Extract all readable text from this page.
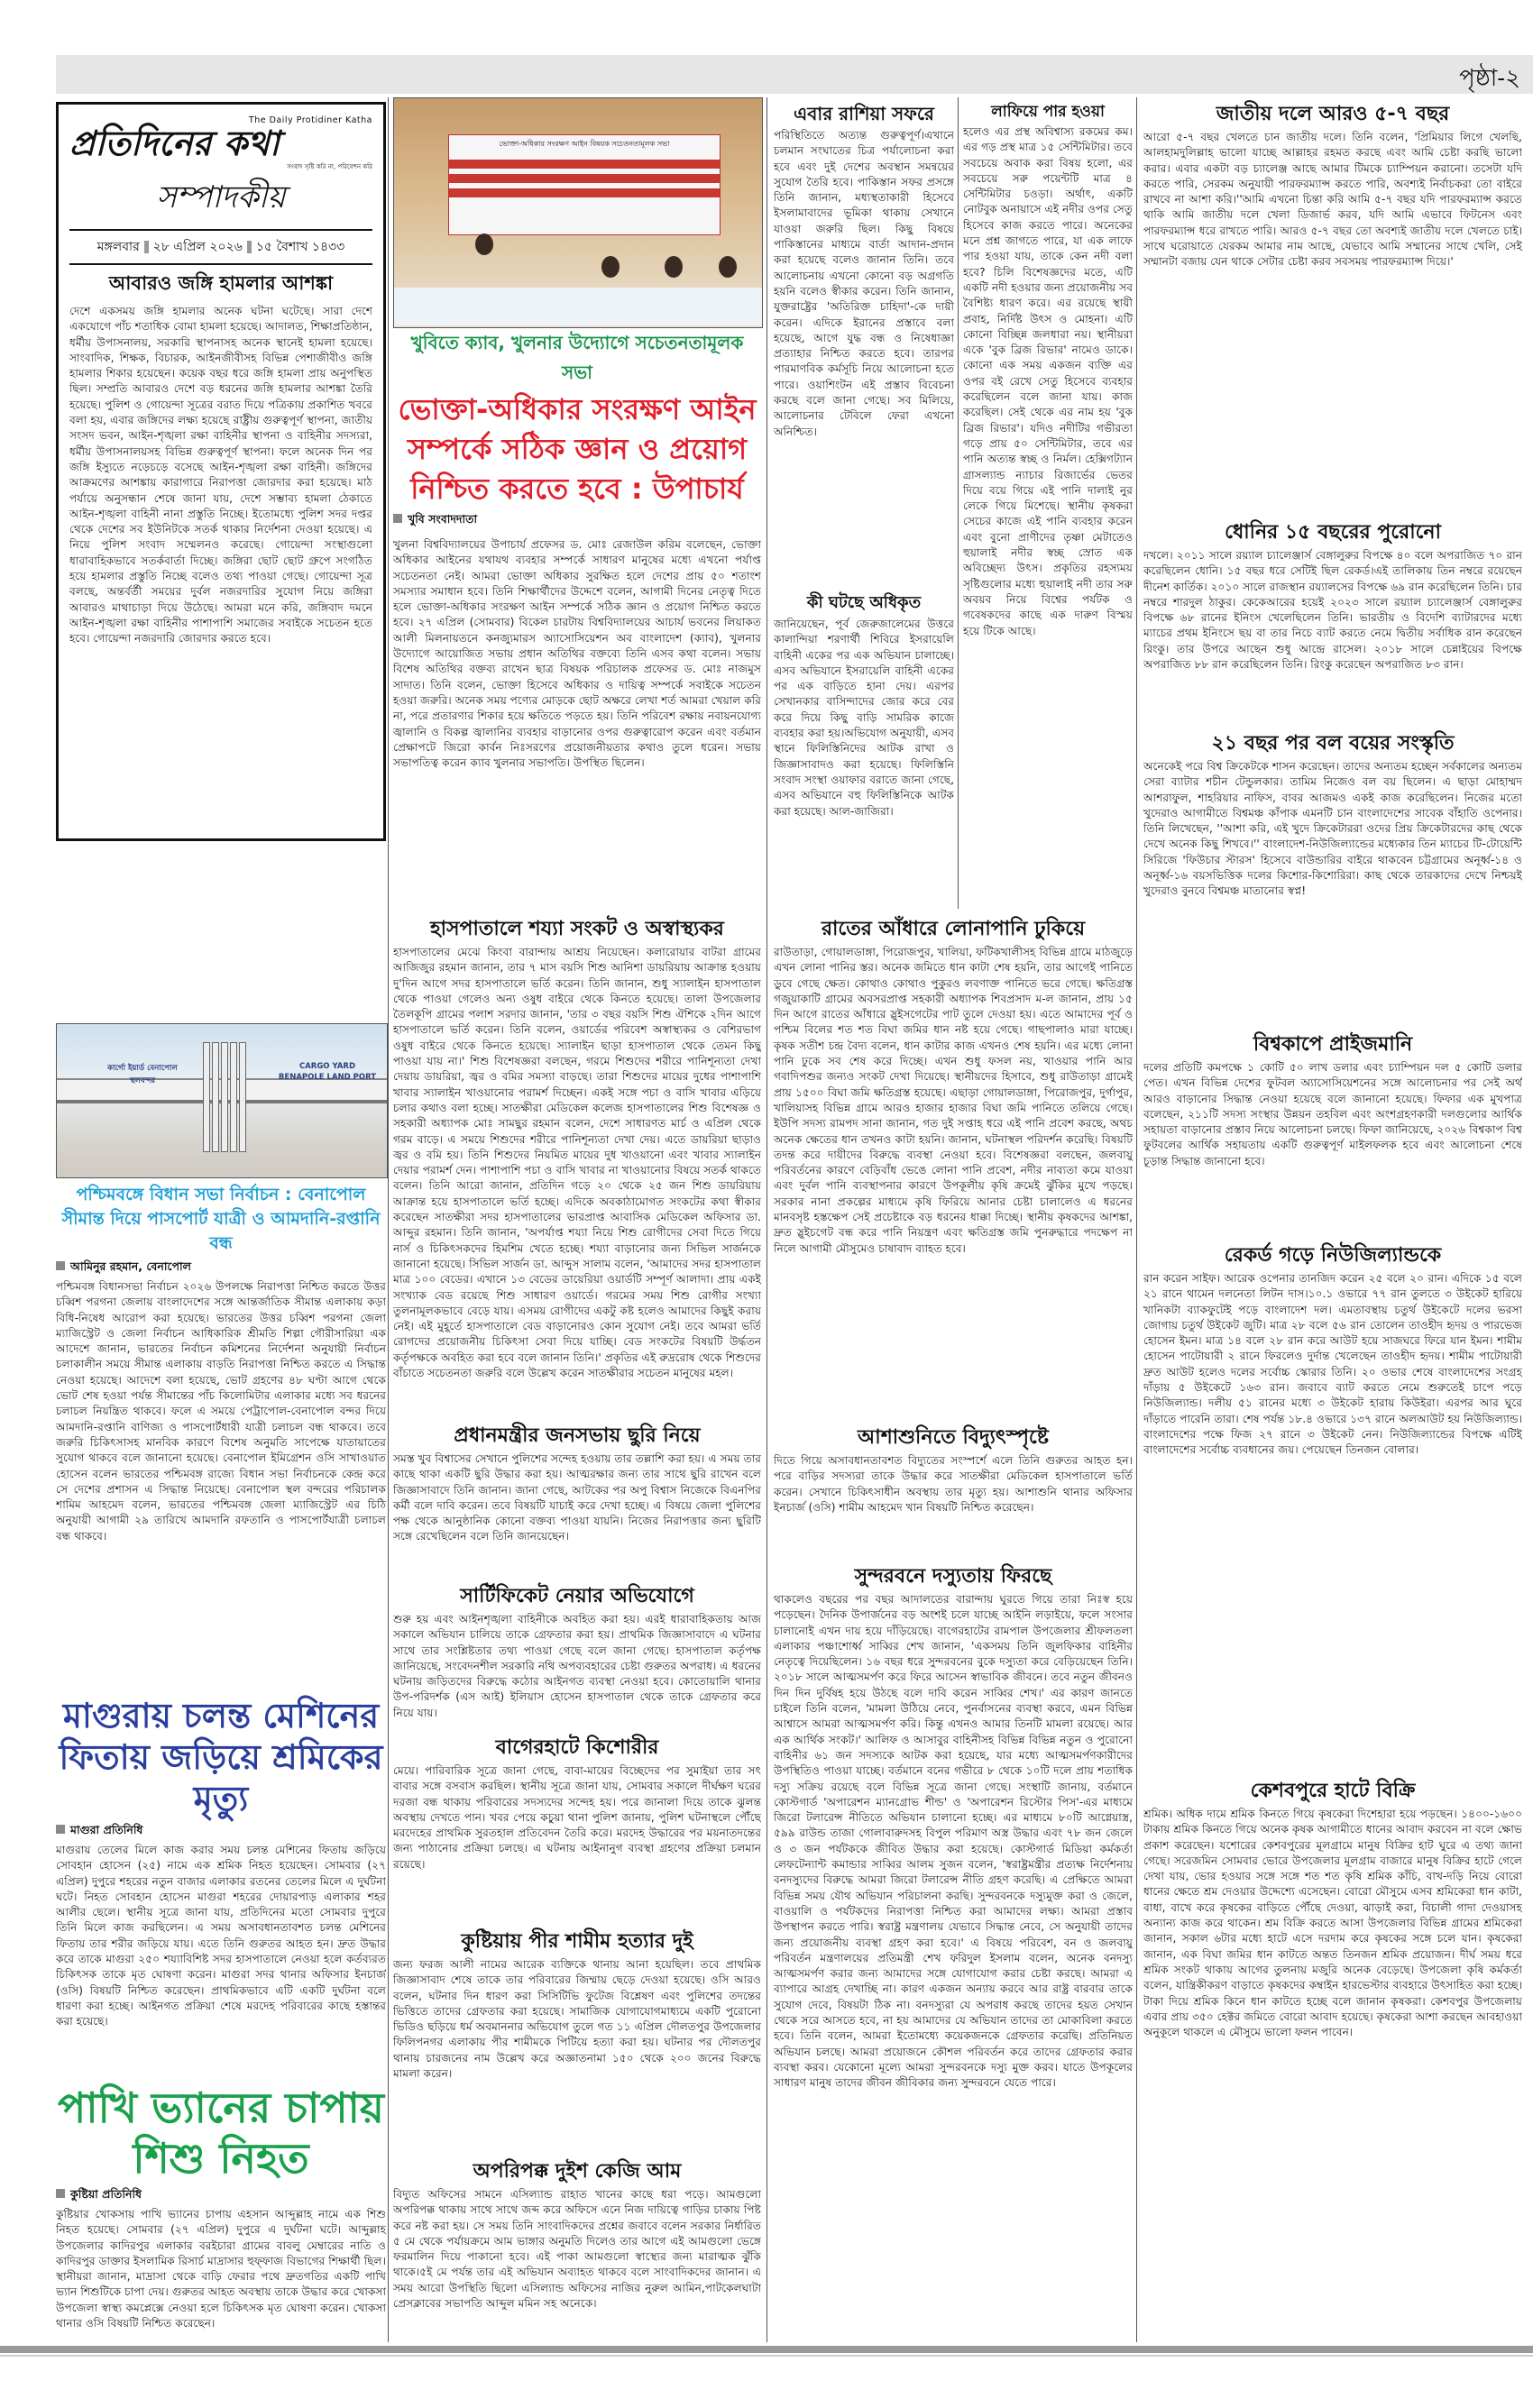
পৃষ্ঠা-২
The Daily Protidiner Katha
প্রতিদিনের কথা
সংবাদ সৃষ্টি করি না, পরিবেশন করি
সম্পাদকীয়
মঙ্গলবার ২৮ এপ্রিল ২০২৬ ১৫ বৈশাখ ১৪৩৩
আবারও জঙ্গি হামলার আশঙ্কা

দেশে একসময় জঙ্গি হামলার অনেক ঘটনা ঘটেছে। সারা দেশে একযোগে পাঁচ শতাধিক বোমা হামলা হয়েছে। আদালত, শিক্ষাপ্রতিষ্ঠান, ধর্মীয় উপাসনালয়, সরকারি স্থাপনাসহ অনেক স্থানেই হামলা হয়েছে। সাংবাদিক, শিক্ষক, বিচারক, আইনজীবীসহ বিভিন্ন পেশাজীবীও জঙ্গি হামলার শিকার হয়েছেন। কয়েক বছর ধরে জঙ্গি হামলা প্রায় অনুপস্থিত ছিল। সম্প্রতি আবারও দেশে বড় ধরনের জঙ্গি হামলার আশঙ্কা তৈরি হয়েছে। পুলিশ ও গোয়েন্দা সূত্রের বরাত দিয়ে পত্রিকায় প্রকাশিত খবরে বলা হয়, এবার জঙ্গিদের লক্ষ্য হয়েছে রাষ্ট্রীয় গুরুত্বপূর্ণ স্থাপনা, জাতীয় সংসদ ভবন, আইন-শৃঙ্খলা রক্ষা বাহিনীর স্থাপনা ও বাহিনীর সদস্যরা, ধর্মীয় উপাসনালয়সহ বিভিন্ন গুরুত্বপূর্ণ স্থাপনা। ফলে অনেক দিন পর জঙ্গি ইস্যুতে নড়েচড়ে বসেছে আইন-শৃঙ্খলা রক্ষা বাহিনী। জঙ্গিদের আক্রমণের আশঙ্কায় কারাগারে নিরাপত্তা জোরদার করা হয়েছে। মাঠ পর্যায়ে অনুসন্ধান শেষে জানা যায়, দেশে সম্ভাব্য হামলা ঠেকাতে আইন-শৃঙ্খলা বাহিনী নানা প্রস্তুতি নিচ্ছে। ইতোমধ্যে পুলিশ সদর দপ্তর থেকে দেশের সব ইউনিটকে সতর্ক থাকার নির্দেশনা দেওয়া হয়েছে। এ নিয়ে পুলিশ সংবাদ সম্মেলনও করেছে। গোয়েন্দা সংস্থাগুলো ধারাবাহিকভাবে সতর্কবার্তা দিচ্ছে। জঙ্গিরা ছোট ছোট গ্রুপে সংগঠিত হয়ে হামলার প্রস্তুতি নিচ্ছে বলেও তথ্য পাওয়া গেছে। গোয়েন্দা সূত্র বলছে, অন্তর্বর্তী সময়ের দুর্বল নজরদারির সুযোগ নিয়ে জঙ্গিরা আবারও মাথাচাড়া দিয়ে উঠেছে। আমরা মনে করি, জঙ্গিবাদ দমনে আইন-শৃঙ্খলা রক্ষা বাহিনীর পাশাপাশি সমাজের সবাইকে সচেতন হতে হবে। গোয়েন্দা নজরদারি জোরদার করতে হবে।

কার্গো ইয়ার্ড বেনাপোল স্থলবন্দর
CARGO YARD
BENAPOLE LAND PORT
পশ্চিমবঙ্গে বিধান সভা নির্বাচন : বেনাপোল সীমান্ত দিয়ে পাসপোর্ট যাত্রী ও আমদানি-রপ্তানি বন্ধ
আমিনুর রহমান, বেনাপোল

পশ্চিমবঙ্গ বিধানসভা নির্বাচন ২০২৬ উপলক্ষে নিরাপত্তা নিশ্চিত করতে উত্তর চব্বিশ পরগনা জেলায় বাংলাদেশের সঙ্গে আন্তর্জাতিক সীমান্ত এলাকায় কড়া বিধি-নিষেধ আরোপ করা হয়েছে। ভারতের উত্তর চব্বিশ পরগনা জেলা ম্যাজিস্ট্রেট ও জেলা নির্বাচন আধিকারিক শ্রীমতি শিল্পা গৌরীসারিয়া এক আদেশে জানান, ভারতের নির্বাচন কমিশনের নির্দেশনা অনুযায়ী নির্বাচন চলাকালীন সময়ে সীমান্ত এলাকায় বাড়তি নিরাপত্তা নিশ্চিত করতে এ সিদ্ধান্ত নেওয়া হয়েছে। আদেশে বলা হয়েছে, ভোট গ্রহণের ৪৮ ঘণ্টা আগে থেকে ভোট শেষ হওয়া পর্যন্ত সীমান্তের পাঁচ কিলোমিটার এলাকার মধ্যে সব ধরনের চলাচল নিয়ন্ত্রিত থাকবে। ফলে এ সময়ে পেট্রাপোল-বেনাপোল বন্দর দিয়ে আমদানি-রপ্তানি বাণিজ্য ও পাসপোর্টধারী যাত্রী চলাচল বন্ধ থাকবে। তবে জরুরি চিকিৎসাসহ মানবিক কারণে বিশেষ অনুমতি সাপেক্ষে যাতায়াতের সুযোগ থাকবে বলে জানানো হয়েছে। বেনাপোল ইমিগ্রেশন ওসি সাখাওয়াত হোসেন বলেন ভারতের পশ্চিমবঙ্গ রাজ্যে বিধান সভা নির্বাচনকে কেন্দ্র করে সে দেশের প্রশাসন এ সিদ্ধান্ত নিয়েছে। বেনাপোল স্থল বন্দরের পরিচালক শামিম আহমেদ বলেন, ভারতের পশ্চিমবঙ্গ জেলা ম্যাজিস্ট্রেট এর চিঠি অনুযায়ী আগামী ২৯ তারিখে আমদানি রফতানি ও পাসপোর্টযাত্রী চলাচল বন্ধ থাকবে।

মাগুরায় চলন্ত মেশিনের ফিতায় জড়িয়ে শ্রমিকের মৃত্যু
মাগুরা প্রতিনিধি

মাগুরায় তেলের মিলে কাজ করার সময় চলন্ত মেশিনের ফিতায় জড়িয়ে সোবহান হোসেন (২৫) নামে এক শ্রমিক নিহত হয়েছেন। সোমবার (২৭ এপ্রিল) দুপুরে শহরের নতুন বাজার এলাকার রতনের তেলের মিলে এ দুর্ঘটনা ঘটে। নিহত সোবহান হোসেন মাগুরা শহরের দোয়ারপাড় এলাকার শহর আলীর ছেলে। স্থানীয় সূত্রে জানা যায়, প্রতিদিনের মতো সোমবার দুপুরে তিনি মিলে কাজ করছিলেন। এ সময় অসাবধানতাবশত চলন্ত মেশিনের ফিতায় তার শরীর জড়িয়ে যায়। এতে তিনি গুরুতর আহত হন। দ্রুত উদ্ধার করে তাকে মাগুরা ২৫০ শয্যাবিশিষ্ট সদর হাসপাতালে নেওয়া হলে কর্তব্যরত চিকিৎসক তাকে মৃত ঘোষণা করেন। মাগুরা সদর থানার অফিসার ইনচার্জ (ওসি) বিষয়টি নিশ্চিত করেছেন। প্রাথমিকভাবে এটি একটি দুর্ঘটনা বলে ধারণা করা হচ্ছে। আইনগত প্রক্রিয়া শেষে মরদেহ পরিবারের কাছে হস্তান্তর করা হয়েছে।

পাখি ভ্যানের চাপায় শিশু নিহত
কুষ্টিয়া প্রতিনিধি

কুষ্টিয়ার খোকসায় পাখি ভ্যানের চাপায় এহসান আব্দুল্লাহ নামে এক শিশু নিহত হয়েছে। সোমবার (২৭ এপ্রিল) দুপুরে এ দুর্ঘটনা ঘটে। আব্দুল্লাহ উপজেলার কাদিরপুর এলাকার বরইচারা গ্রামের বাবলু মেম্বারের নাতি ও কাদিরপুর ডাক্তার ইসলামিক রিসার্চ মাদ্রাসার হুফ্ফাজ বিভাগের শিক্ষার্থী ছিল। স্থানীয়রা জানান, মাদ্রাসা থেকে বাড়ি ফেরার পথে দ্রুতগতির একটি পাখি ভ্যান শিশুটিকে চাপা দেয়। গুরুতর আহত অবস্থায় তাকে উদ্ধার করে খোকসা উপজেলা স্বাস্থ্য কমপ্লেক্সে নেওয়া হলে চিকিৎসক মৃত ঘোষণা করেন। খোকসা থানার ওসি বিষয়টি নিশ্চিত করেছেন।

ভোক্তা-অধিকার সংরক্ষণ আইন বিষয়ক সচেতনতামূলক সভা
খুবিতে ক্যাব, খুলনার উদ্যোগে সচেতনতামূলক সভা
ভোক্তা-অধিকার সংরক্ষণ আইন সম্পর্কে সঠিক জ্ঞান ও প্রয়োগ নিশ্চিত করতে হবে : উপাচার্য
খুবি সংবাদদাতা

খুলনা বিশ্ববিদ্যালয়ের উপাচার্য প্রফেসর ড. মোঃ রেজাউল করিম বলেছেন, ভোক্তা অধিকার আইনের যথাযথ ব্যবহার সম্পর্কে সাধারণ মানুষের মধ্যে এখনো পর্যাপ্ত সচেতনতা নেই। আমরা ভোক্তা অধিকার সুরক্ষিত হলে দেশের প্রায় ৫০ শতাংশ সমস্যার সমাধান হবে। তিনি শিক্ষার্থীদের উদ্দেশে বলেন, আগামী দিনের নেতৃত্ব দিতে হলে ভোক্তা-অধিকার সংরক্ষণ আইন সম্পর্কে সঠিক জ্ঞান ও প্রয়োগ নিশ্চিত করতে হবে। ২৭ এপ্রিল (সোমবার) বিকেল চারটায় বিশ্ববিদ্যালয়ের আচার্য ভবনের লিয়াকত আলী মিলনায়তনে কনজ্যুমারস অ্যাসোসিয়েশন অব বাংলাদেশ (ক্যাব), খুলনার উদ্যোগে আয়োজিত সভায় প্রধান অতিথির বক্তব্যে তিনি এসব কথা বলেন। সভায় বিশেষ অতিথির বক্তব্য রাখেন ছাত্র বিষয়ক পরিচালক প্রফেসর ড. মোঃ নাজমুস সাদাত। তিনি বলেন, ভোক্তা হিসেবে অধিকার ও দায়িত্ব সম্পর্কে সবাইকে সচেতন হওয়া জরুরি। অনেক সময় পণ্যের মোড়কে ছোট অক্ষরে লেখা শর্ত আমরা খেয়াল করি না, পরে প্রতারণার শিকার হয়ে ক্ষতিতে পড়তে হয়। তিনি পরিবেশ রক্ষায় নবায়নযোগ্য জ্বালানি ও বিকল্প জ্বালানির ব্যবহার বাড়ানোর ওপর গুরুত্বারোপ করেন এবং বর্তমান প্রেক্ষাপটে জিরো কার্বন নিঃসরণের প্রয়োজনীয়তার কথাও তুলে ধরেন। সভায় সভাপতিত্ব করেন ক্যাব খুলনার সভাপতি। উপস্থিত ছিলেন।

হাসপাতালে শয্যা সংকট ও অস্বাস্থ্যকর

হাসপাতালের মেঝে কিংবা বারান্দায় আশ্রয় নিয়েছেন। কলারোয়ার বাটরা গ্রামের আজিজুর রহমান জানান, তার ৭ মাস বয়সি শিশু আনিশা ডায়রিয়ায় আক্রান্ত হওয়ায় দু'দিন আগে সদর হাসপাতালে ভর্তি করেন। তিনি জানান, শুধু স্যালাইন হাসপাতাল থেকে পাওয়া গেলেও অন্য ওষুধ বাইরে থেকে কিনতে হয়েছে। তালা উপজেলার তৈলকূপি গ্রামের পলাশ সরদার জানান, 'তার ৩ বছর বয়সি শিশু ঐশিকে ২দিন আগে হাসপাতালে ভর্তি করেন। তিনি বলেন, ওয়ার্ডের পরিবেশ অস্বাস্থ্যকর ও বেশিরভাগ ওষুধ বাইরে থেকে কিনতে হয়েছে। স্যালাইন ছাড়া হাসপাতাল থেকে তেমন কিছু পাওয়া যায় না।' শিশু বিশেষজ্ঞরা বলছেন, গরমে শিশুদের শরীরে পানিশূন্যতা দেখা দেয়ায় ডায়রিয়া, জ্বর ও বমির সমস্যা বাড়ছে। তারা শিশুদের মায়ের দুধের পাশাপাশি খাবার স্যালাইন খাওয়ানোর পরামর্শ দিচ্ছেন। একই সঙ্গে পচা ও বাসি খাবার এড়িয়ে চলার কথাও বলা হচ্ছে। সাতক্ষীরা মেডিকেল কলেজ হাসপাতালের শিশু বিশেষজ্ঞ ও সহকারী অধ্যাপক মোঃ সামছুর রহমান বলেন, দেশে সাধারণত মার্চ ও এপ্রিল থেকে গরম বাড়ে। এ সময়ে শিশুদের শরীরে পানিশূন্যতা দেখা দেয়। এতে ডায়রিয়া ছাড়াও জ্বর ও বমি হয়। তিনি শিশুদের নিয়মিত মায়ের দুধ খাওয়ানো এবং খাবার স্যালাইন দেয়ার পরামর্শ দেন। পাশাপাশি পচা ও বাসি খাবার না খাওয়ানোর বিষয়ে সতর্ক থাকতে বলেন। তিনি আরো জানান, প্রতিদিন গড়ে ২০ থেকে ২৫ জন শিশু ডায়রিয়ায় আক্রান্ত হয়ে হাসপাতালে ভর্তি হচ্ছে। এদিকে অবকাঠামোগত সংকটের কথা স্বীকার করেছেন সাতক্ষীরা সদর হাসপাতালের ভারপ্রাপ্ত আবাসিক মেডিকেল অফিসার ডা. আব্দুর রহমান। তিনি জানান, 'অপর্যাপ্ত শয্যা নিয়ে শিশু রোগীদের সেবা দিতে গিয়ে নার্স ও চিকিৎসকদের হিমশিম খেতে হচ্ছে। শয্যা বাড়ানোর জন্য সিভিল সার্জনকে জানানো হয়েছে। সিভিল সার্জন ডা. আব্দুস সালাম বলেন, 'আমাদের সদর হাসপাতাল মাত্র ১০০ বেডের। এখানে ১৩ বেডের ডায়েরিয়া ওয়ার্ডটি সম্পূর্ণ আলাদা। প্রায় একই সংখ্যাক বেড রয়েছে শিশু সাধারণ ওয়ার্ডে। গরমের সময় শিশু রোগীর সংখ্যা তুলনামূলকভাবে বেড়ে যায়। এসময় রোগীদের একটু কষ্ট হলেও আমাদের কিছুই করায় নেই। এই মুহূর্তে হাসপাতালে বেড বাড়ানোরও কোন সুযোগ নেই। তবে আমরা ভর্তি রোগদের প্রয়োজনীয় চিকিৎসা সেবা দিয়ে যাচ্ছি। বেড সংকটের বিষয়টি উর্দ্ধতন কর্তৃপক্ষকে অবহিত করা হবে বলে জানান তিনি।' প্রকৃতির এই রুদ্ররোষ থেকে শিশুদের বাঁচাতে সচেতনতা জরুরি বলে উল্লেখ করেন সাতক্ষীরার সচেতন মানুষের মহল।

প্রধানমন্ত্রীর জনসভায় ছুরি নিয়ে

সমস্ত খুব বিশ্বাসের সেখানে পুলিশের সন্দেহ হওয়ায় তার তল্লাশি করা হয়। এ সময় তার কাছে থাকা একটি ছুরি উদ্ধার করা হয়। আত্মরক্ষার জন্য তার সাথে ছুরি রাখেন বলে জিজ্ঞাসাবাদে তিনি জানান। জানা গেছে, আটকের পর অপু বিশ্বাস নিজেকে বিএনপির কর্মী বলে দাবি করেন। তবে বিষয়টি যাচাই করে দেখা হচ্ছে। এ বিষয়ে জেলা পুলিশের পক্ষ থেকে আনুষ্ঠানিক কোনো বক্তব্য পাওয়া যায়নি। নিজের নিরাপত্তার জন্য ছুরিটি সঙ্গে রেখেছিলেন বলে তিনি জানয়েছেন।

সার্টিফিকেট নেয়ার অভিযোগে

শুরু হয় এবং আইনশৃঙ্খলা বাহিনীকে অবহিত করা হয়। এরই ধারাবাহিকতায় আজ সকালে অভিযান চালিয়ে তাকে গ্রেফতার করা হয়। প্রাথমিক জিজ্ঞাসাবাদে এ ঘটনার সাথে তার সংশ্লিষ্টতার তথ্য পাওয়া গেছে বলে জানা গেছে। হাসপাতাল কর্তৃপক্ষ জানিয়েছে, সংবেদনশীল সরকারি নথি অপব্যবহারের চেষ্টা গুরুতর অপরাধ। এ ধরনের ঘটনায় জড়িতদের বিরুদ্ধে কঠোর আইনগত ব্যবস্থা নেওয়া হবে। কোতোয়ালি থানার উপ-পরিদর্শক (এস আই) ইলিয়াস হোসেন হাসপাতাল থেকে তাকে গ্রেফতার করে নিয়ে যায়।

বাগেরহাটে কিশোরীর

মেয়ে। পারিবারিক সূত্রে জানা গেছে, বাবা-মায়ের বিচ্ছেদের পর সুমাইয়া তার সৎ বাবার সঙ্গে বসবাস করছিল। স্থানীয় সূত্রে জানা যায়, সোমবার সকালে দীর্ঘক্ষণ ঘরের দরজা বন্ধ থাকায় পরিবারের সদস্যদের সন্দেহ হয়। পরে জানালা দিয়ে তাকে ঝুলন্ত অবস্থায় দেখতে পান। খবর পেয়ে কচুয়া থানা পুলিশ জানায়, পুলিশ ঘটনাস্থলে পৌঁছে মরদেহের প্রাথমিক সুরতহাল প্রতিবেদন তৈরি করে। মরদেহ উদ্ধারের পর ময়নাতদন্তের জন্য পাঠানোর প্রক্রিয়া চলছে। এ ঘটনায় আইনানুগ ব্যবস্থা গ্রহণের প্রক্রিয়া চলমান রয়েছে।

কুষ্টিয়ায় পীর শামীম হত্যার দুই

জন্য ফরজ আলী নামের আরেক ব্যক্তিকে থানায় আনা হয়েছিল। তবে প্রাথমিক জিজ্ঞাসাবাদ শেষে তাকে তার পরিবারের জিম্মায় ছেড়ে দেওয়া হয়েছে। ওসি আরও বলেন, ঘটনার দিন ধারণ করা সিসিটিভি ফুটেজ বিশ্লেষণ এবং পুলিশের তদন্তের ভিত্তিতে তাদের গ্রেফতার করা হয়েছে। সামাজিক যোগাযোগমাধ্যমে একটি পুরোনো ভিডিও ছড়িয়ে ধর্ম অবমাননার অভিযোগ তুলে গত ১১ এপ্রিল দৌলতপুর উপজেলার ফিলিপনগর এলাকায় পীর শামীমকে পিটিয়ে হত্যা করা হয়। ঘটনার পর দৌলতপুর থানায় চারজনের নাম উল্লেখ করে অজ্ঞাতনামা ১৫০ থেকে ২০০ জনের বিরুদ্ধে মামলা করেন।

অপরিপক্ক দুইশ কেজি আম

বিদ্যুত অফিসের সামনে এসিল্যান্ড রাহাত খানের কাছে ধরা পড়ে। আমগুলো অপরিপক্ক থাকায় সাথে সাথে জব্দ করে অফিসে এনে নিজ দায়িত্বে গাড়ির চাকায় পিষ্ট করে নষ্ট করা হয়। সে সময় তিনি সাংবাদিকদের প্রশ্নের জবাবে বলেন সরকার নির্ধারিত ৫ মে থেকে পর্যায়ক্রমে আম ভাঙ্গার অনুমতি দিলেও তার আগে এই আমগুলো ভেঙ্গে ফরমালিন দিয়ে পাকানো হবে। এই পাকা আমগুলো স্বাস্থ্যের জন্য মারাত্মক ঝুঁকি থাকে।৫ই মে পর্যন্ত তার এই অভিযান অব্যাহত থাকবে বলে সাংবাদিকদের জানান। এ সময় আরো উপস্থিতি ছিলো এসিল্যান্ড অফিসের নাজির নুরুল আমিন,পাটকেলঘাটা প্রেসক্লাবের সভাপতি আব্দুল মমিন সহ অনেকে।

এবার রাশিয়া সফরে

পরিস্থিতিতে অত্যন্ত গুরুত্বপূর্ণ।এখানে চলমান সংঘাতের চিত্র পর্যালোচনা করা হবে এবং দুই দেশের অবস্থান সমন্বয়ের সুযোগ তৈরি হবে। পাকিস্তান সফর প্রসঙ্গে তিনি জানান, মধ্যস্থতাকারী হিসেবে ইসলামাবাদের ভূমিকা থাকায় সেখানে যাওয়া জরুরি ছিল। কিছু বিষয়ে পাকিস্তানের মাধ্যমে বার্তা আদান-প্রদান করা হয়েছে বলেও জানান তিনি। তবে আলোচনায় এখনো কোনো বড় অগ্রগতি হয়নি বলেও স্বীকার করেন। তিনি জানান, যুক্তরাষ্ট্রের 'অতিরিক্ত চাহিদা'-কে দায়ী করেন। এদিকে ইরানের প্রস্তাবে বলা হয়েছে, আগে যুদ্ধ বন্ধ ও নিষেধাজ্ঞা প্রত্যাহার নিশ্চিত করতে হবে। তারপর পারমাণবিক কর্মসূচি নিয়ে আলোচনা হতে পারে। ওয়াশিংটন এই প্রস্তাব বিবেচনা করছে বলে জানা গেছে। সব মিলিয়ে, আলোচনার টেবিলে ফেরা এখনো অনিশ্চিত।

কী ঘটছে অধিকৃত

জানিয়েছেন, পূর্ব জেরুজালেমের উত্তরে কালান্দিয়া শরণার্থী শিবিরে ইসরায়েলি বাহিনী একের পর এক অভিযান চালাচ্ছে। এসব অভিযানে ইসরায়েলি বাহিনী একের পর এক বাড়িতে হানা দেয়। এরপর সেখানকার বাসিন্দাদের জোর করে বের করে দিয়ে কিছু বাড়ি সামরিক কাজে ব্যবহার করা হয়।অভিযোগ অনুযায়ী, এসব স্থানে ফিলিস্তিনিদের আটক রাখা ও জিজ্ঞাসাবাদও করা হয়েছে। ফিলিস্তিনি সংবাদ সংস্থা ওয়াফার বরাতে জানা গেছে, এসব অভিযানে বহু ফিলিস্তিনিকে আটক করা হয়েছে। আল-জাজিরা।

লাফিয়ে পার হওয়া

হলেও এর প্রস্থ অবিশ্বাস্য রকমের কম। এর গড় প্রস্থ মাত্র ১৫ সেন্টিমিটার। তবে সবচেয়ে অবাক করা বিষয় হলো, এর সবচেয়ে সরু পয়েন্টটি মাত্র ৪ সেন্টিমিটার চওড়া। অর্থাৎ, একটি নোটবুক অনায়াসে এই নদীর ওপর সেতু হিসেবে কাজ করতে পারে। অনেকের মনে প্রশ্ন জাগতে পারে, যা এক লাফে পার হওয়া যায়, তাকে কেন নদী বলা হবে? চিলি বিশেষজ্ঞদের মতে, এটি একটি নদী হওয়ার জন্য প্রয়োজনীয় সব বৈশিষ্ট্য ধারণ করে। এর রয়েছে স্থায়ী প্রবাহ, নির্দিষ্ট উৎস ও মোহনা। এটি কোনো বিচ্ছিন্ন জলধারা নয়। স্থানীয়রা একে 'বুক ব্রিজ রিভার' নামেও ডাকে। কোনো এক সময় একজন ব্যক্তি এর ওপর বই রেখে সেতু হিসেবে ব্যবহার করেছিলেন বলে জানা যায়। কাজ করেছিল। সেই থেকে এর নাম হয় 'বুক ব্রিজ রিভার'। যদিও নদীটির গভীরতা গড়ে প্রায় ৫০ সেন্টিমিটার, তবে এর পানি অত্যন্ত স্বচ্ছ ও নির্মল। হেক্সিগট্যান গ্রাসল্যান্ড ন্যাচার রিজার্ভের ভেতর দিয়ে বয়ে গিয়ে এই পানি দালাই নুর লেকে গিয়ে মিশেছে। স্থানীয় কৃষকরা সেচের কাজে এই পানি ব্যবহার করেন এবং বুনো প্রাণীদের তৃষ্ণা মেটাতেও হুয়ালাই নদীর স্বচ্ছ স্রোত এক অবিচ্ছেদ্য উৎস। প্রকৃতির রহস্যময় সৃষ্টিগুলোর মধ্যে হুয়ালাই নদী তার সরু অবয়ব নিয়ে বিশ্বের পর্যটক ও গবেষকদের কাছে এক দারুণ বিস্ময় হয়ে টিকে আছে।

রাতের আঁধারে লোনাপানি ঢুকিয়ে

রাউতাড়া, গোয়ালডাঙ্গা, পিরোজপুর, খালিয়া, ফটিকখালীসহ বিভিন্ন গ্রামে মাঠজুড়ে এখন লোনা পানির স্তর। অনেক জমিতে ধান কাটা শেষ হয়নি, তার আগেই পানিতে ডুবে গেছে ক্ষেত। কোথাও কোথাও পুকুরও লবণাক্ত পানিতে ভরে গেছে। ক্ষতিগ্রস্ত গজুয়াকাটি গ্রামের অবসরপ্রাপ্ত সহকারী অধ্যাপক শিবপ্রসাদ ম-ল জানান, প্রায় ১৫ দিন আগে রাতের আঁধারে স্লুইসগেটের পাট তুলে দেওয়া হয়। এতে আমাদের পূর্ব ও পশ্চিম বিলের শত শত বিঘা জমির ধান নষ্ট হয়ে গেছে। গাছপালাও মারা যাচ্ছে। কৃষক সতীশ চন্দ্র বৈদ্য বলেন, ধান কাটার কাজ এখনও শেষ হয়নি। এর মধ্যে লোনা পানি ঢুকে সব শেষ করে দিচ্ছে। এখন শুধু ফসল নয়, খাওয়ার পানি আর গবাদিপশুর জন্যও সংকট দেখা দিয়েছে। স্থানীয়দের হিসাবে, শুধু রাউতাড়া গ্রামেই প্রায় ১৫০০ বিঘা জমি ক্ষতিগ্রস্ত হয়েছে। এছাড়া গোয়ালডাঙ্গা, পিরোজপুর, দুর্গাপুর, খালিয়াসহ বিভিন্ন গ্রামে আরও হাজার হাজার বিঘা জমি পানিতে তলিয়ে গেছে। ইউপি সদস্য রামপদ সানা জানান, গত দুই সপ্তাহ ধরে এই পানি প্রবেশ করছে, অথচ অনেক ক্ষেতের ধান তখনও কাটা হয়নি। জানান, ঘটনাস্থল পরিদর্শন করেছি। বিষয়টি তদন্ত করে দায়ীদের বিরুদ্ধে ব্যবস্থা নেওয়া হবে। বিশেষজ্ঞরা বলছেন, জলবায়ু পরিবর্তনের কারণে বেড়িবাঁধ ভেঙে লোনা পানি প্রবেশ, নদীর নাব্যতা কমে যাওয়া এবং দুর্বল পানি ব্যবস্থাপনার কারণে উপকূলীয় কৃষি ক্রমেই ঝুঁকির মুখে পড়ছে। সরকার নানা প্রকল্পের মাধ্যমে কৃষি ফিরিয়ে আনার চেষ্টা চালালেও এ ধরনের মানবসৃষ্ট হস্তক্ষেপ সেই প্রচেষ্টাকে বড় ধরনের ধাক্কা দিচ্ছে। স্থানীয় কৃষকদের আশঙ্কা, দ্রুত স্লুইচগেট বন্ধ করে পানি নিয়ন্ত্রণ এবং ক্ষতিগ্রস্ত জমি পুনরুদ্ধারে পদক্ষেপ না নিলে আগামী মৌসুমেও চাষাবাদ ব্যাহত হবে।

আশাশুনিতে বিদ্যুৎস্পৃষ্টে

দিতে গিয়ে অসাবধানতাবশত বিদ্যুতের সংস্পর্শে এলে তিনি গুরুতর আহত হন। পরে বাড়ির সদস্যরা তাকে উদ্ধার করে সাতক্ষীরা মেডিকেল হাসপাতালে ভর্তি করেন। সেখানে চিকিৎসাধীন অবস্থায় তার মৃত্যু হয়। আশাশুনি থানার অফিসার ইনচার্জ (ওসি) শামীম আহমেদ খান বিষয়টি নিশ্চিত করেছেন।

সুন্দরবনে দস্যুতায় ফিরছে

থাকলেও বছরের পর বছর আদালতের বারান্দায় ঘুরতে গিয়ে তারা নিঃস্ব হয়ে পড়েছেন। দৈনিক উপার্জনের বড় অংশই চলে যাচ্ছে আইনি লড়াইয়ে, ফলে সংসার চালানোই এখন দায় হয়ে দাঁড়িয়েছে। বাগেরহাটের রামপাল উপজেলার শ্রীফলতলা এলাকার পঞ্চাশোর্ধ্ব সাব্বির শেখ জানান, 'একসময় তিনি জুলফিকার বাহিনীর নেতৃত্বে দিয়েছিলেন। ১৬ বছর ধরে সুন্দরবনের বুকে দস্যুতা করে বেড়িয়েছেন তিনি। ২০১৮ সালে আত্মসমর্পণ করে ফিরে আসেন স্বাভাবিক জীবনে। তবে নতুন জীবনও দিন দিন দুর্বিষহ হয়ে উঠছে বলে দাবি করেন সাব্বির শেখ।' এর কারণ জানতে চাইলে তিনি বলেন, 'মামলা উঠিয়ে নেবে, পুনর্বাসনের ব্যবস্থা করবে, এমন বিভিন্ন আশ্বাসে আমরা আত্মসমর্পণ করি। কিন্তু এখনও আমার তিনটি মামলা রয়েছে। আর এক আর্থিক সংকট।' আলিফ ও আসাবুর বাহিনীসহ বিভিন্ন বিভিন্ন নতুন ও পুরোনো বাহিনীর ৬১ জন সদস্যকে আটক করা হয়েছে, যার মধ্যে আত্মসমর্পণকারীদের উপস্থিতিও পাওয়া যাচ্ছে। বর্তমানে বনের গভীরে ৮ থেকে ১০টি দলে প্রায় শতাধিক দস্যু সক্রিয় রয়েছে বলে বিভিন্ন সূত্রে জানা গেছে। সংস্থাটি জানায়, বর্তমানে কোস্টগার্ড 'অপারেশন ম্যানগ্রোভ শীল্ড' ও 'অপারেশন রিস্টোর পিস'-এর মাধ্যমে জিরো টলারেন্স নীতিতে অভিযান চালানো হচ্ছে। এর মাধ্যমে ৮০টি আগ্নেয়াস্ত্র, ৫৯৯ রাউন্ড তাজা গোলাবারুদসহ বিপুল পরিমাণ অস্ত্র উদ্ধার এবং ৭৮ জন জেলে ও ৩ জন পর্যটককে জীবিত উদ্ধার করা হয়েছে। কোস্টগার্ড মিডিয়া কর্মকর্তা লেফটেন্যান্ট কমান্ডার সাব্বির আলম সুজন বলেন, 'স্বরাষ্ট্রমন্ত্রীর প্রত্যক্ষ নির্দেশনায় বনদস্যুদের বিরুদ্ধে আমরা জিরো টলারেন্স নীতি গ্রহণ করেছি। এ প্রেক্ষিতে আমরা বিভিন্ন সময় যৌথ অভিযান পরিচালনা করছি। সুন্দরবনকে দস্যুমুক্ত করা ও জেলে, বাওয়ালি ও পর্যটকদের নিরাপত্তা নিশ্চিত করা আমাদের লক্ষ্য। আমরা প্রস্তাব উপস্থাপন করতে পারি। স্বরাষ্ট্র মন্ত্রণালয় যেভাবে সিদ্ধান্ত নেবে, সে অনুযায়ী তাদের জন্য প্রয়োজনীয় ব্যবস্থা গ্রহণ করা হবে।' এ বিষয়ে পরিবেশ, বন ও জলবায়ু পরিবর্তন মন্ত্রণালয়ের প্রতিমন্ত্রী শেখ ফরিদুল ইসলাম বলেন, অনেক বনদস্যু আত্মসমর্পণ করার জন্য আমাদের সঙ্গে যোগাযোগ করার চেষ্টা করছে। আমরা এ ব্যাপারে আগ্রহ দেখাচ্ছি না। কারণ একজন অন্যায় করবে আর রাষ্ট্র বারবার তাকে সুযোগ দেবে, বিষয়টা ঠিক না। বনদস্যুরা যে অপরাধ করছে তাদের হয়ত সেখান থেকে সরে আসতে হবে, না হয় আমাদের যে অভিযান তাদের তা মোকাবিলা করতে হবে। তিনি বলেন, আমরা ইতোমধ্যে কয়েকজনকে গ্রেফতার করেছি। প্রতিনিয়ত অভিযান চলছে। আমরা প্রয়োজনে কৌশল পরিবর্তন করে তাদের গ্রেফতার করার ব্যবস্থা করব। যেকোনো মূল্যে আমরা সুন্দরবনকে দস্যু মুক্ত করব। যাতে উপকূলের সাধারণ মানুষ তাদের জীবন জীবিকার জন্য সুন্দরবনে যেতে পারে।

জাতীয় দলে আরও ৫-৭ বছর

আরো ৫-৭ বছর খেলতে চান জাতীয় দলে। তিনি বলেন, 'প্রিমিয়ার লিগে খেলছি, আলহামদুলিল্লাহ ভালো যাচ্ছে আল্লাহর রহমত করছে এবং আমি চেষ্টা করছি ভালো করার। এবার একটা বড় চ্যালেঞ্জ আছে আমার টিমকে চ্যাম্পিয়ন করানো। তসেটা যদি করতে পারি, সেরকম অনুযায়ী পারফরম্যান্স করতে পারি, অবশ্যই নির্বাচকরা তো বাইরে রাখবে না আশা করি।''আমি এখনো চিন্তা করি আমি ৫-৭ বছর যদি পারফরম্যান্স করতে থাকি আমি জাতীয় দলে খেলা ডিজার্ভ করব, যদি আমি এভাবে ফিটনেস এবং পারফরম্যান্স ধরে রাখতে পারি। আরও ৫-৭ বছর তো অবশ্যই জাতীয় দলে খেলতে চাই। সাথে ঘরোয়াতে যেরকম আমার নাম আছে, যেভাবে আমি সম্মানের সাথে খেলি, সেই সম্মানটা বজায় যেন থাকে সেটার চেষ্টা করব সবসময় পারফরম্যান্স দিয়ে।'

ধোনির ১৫ বছরের পুরোনো

দখলে। ২০১১ সালে রয়্যাল চ্যালেঞ্জার্স বেঙ্গালুরুর বিপক্ষে ৪০ বলে অপরাজিত ৭০ রান করেছিলেন ধোনি। ১৫ বছর ধরে সেটিই ছিল রেকর্ড।এই তালিকায় তিন নম্বরে রয়েছেন দীনেশ কার্তিক। ২০১০ সালে রাজস্থান রয়্যালসের বিপক্ষে ৬৯ রান করেছিলেন তিনি। চার নম্বরে শারদুল ঠাকুর। কেকেআরের হয়েই ২০২৩ সালে রয়্যাল চ্যালেঞ্জার্স বেঙ্গালুরুর বিপক্ষে ৬৮ রানের ইনিংস খেলেছিলেন তিনি। ভারতীয় ও বিদেশি ব্যাটারদের মধ্যে ম্যাচের প্রথম ইনিংসে ছয় বা তার নিচে ব্যাট করতে নেমে দ্বিতীয় সর্বাধিক রান করেছেন রিংকু। তার উপরে আছেন শুধু আন্দ্রে রাসেল। ২০১৮ সালে চেন্নাইয়ের বিপক্ষে অপরাজিত ৮৮ রান করেছিলেন তিনি। রিংকু করেছেন অপরাজিত ৮৩ রান।

২১ বছর পর বল বয়ের সংস্কৃতি

অনেকেই পরে বিশ্ব ক্রিকেটকে শাসন করেছেন। তাদের অন্যতম হচ্ছেন সর্বকালের অন্যতম সেরা ব্যাটার শচীন টেন্ডুলকার। তামিম নিজেও বল বয় ছিলেন। এ ছাড়া মোহাম্মদ আশরাফুল, শাহরিয়ার নাফিস, বাবর আজমও একই কাজ করেছিলেন। নিজের মতো খুদেরাও আগামীতে বিশ্বমঞ্চ কাঁপাক এমনটি চান বাংলাদেশের সাবেক বাঁহাতি ওপেনার। তিনি লিখেছেন, ''আশা করি, এই খুদে ক্রিকেটাররা ওদের প্রিয় ক্রিকেটারদের কাছ থেকে দেখে অনেক কিছু শিখবে।'' বাংলাদেশ-নিউজিল্যান্ডের মধ্যেকার তিন ম্যাচের টি-টোয়েন্টি সিরিজে 'ফিউচার স্টারস' হিসেবে বাউন্ডারির বাইরে থাকবেন চট্টগ্রামের অনূর্ধ্ব-১৪ ও অনূর্ধ্ব-১৬ বয়সভিত্তিক দলের কিশোর-কিশোরিরা। কাছ থেকে তারকাদের দেখে নিশ্চয়ই খুদেরাও বুনবে বিশ্বমঞ্চ মাতানোর স্বপ্ন!

বিশ্বকাপে প্রাইজমানি

দলের প্রতিটি কমপক্ষে ১ কোটি ৫০ লাখ ডলার এবং চ্যাম্পিয়ন দল ৫ কোটি ডলার পেত। এখন বিভিন্ন দেশের ফুটবল অ্যাসোসিয়েশনের সঙ্গে আলোচনার পর সেই অর্থ আরও বাড়ানোর সিদ্ধান্ত নেওয়া হয়েছে বলে জানানো হয়েছে। ফিফার এক মুখপাত্র বলেছেন, ২১১টি সদস্য সংস্থার উন্নয়ন তহবিল এবং অংশগ্রহণকারী দলগুলোর আর্থিক সহায়তা বাড়ানোর প্রস্তাব নিয়ে আলোচনা চলছে। ফিফা জানিয়েছে, ২০২৬ বিশ্বকাপ বিশ্ব ফুটবলের আর্থিক সহায়তায় একটি গুরুত্বপূর্ণ মাইলফলক হবে এবং আলোচনা শেষে চূড়ান্ত সিদ্ধান্ত জানানো হবে।

রেকর্ড গড়ে নিউজিল্যান্ডকে

রান করেন সাইফ। আরেক ওপেনার তানজিদ করেন ২৫ বলে ২০ রান। এদিকে ১৫ বলে ২১ রানে থামেন দলনেতা লিটন দাস।১০.১ ওভারে ৭৭ রান তুলতে ৩ উইকেট হারিয়ে খানিকটা ব্যাকফুটেই পড়ে বাংলাদেশ দল। এমতাবস্থায় চতুর্থ উইকেটে দলের ভরসা জোগায় চতুর্থ উইকেট জুটি। মাত্র ২৮ বলে ৫৬ রান তোলেন তাওহীদ হৃদয় ও পারভেজ হোসেন ইমন। মাত্র ১৪ বলে ২৮ রান করে আউট হয়ে সাজঘরে ফিরে যান ইমন। শামীম হোসেন পাটোয়ারী ২ রানে ফিরলেও দুর্দান্ত খেলেছেন তাওহীদ হৃদয়। শামীম পাটোয়ারী দ্রুত আউট হলেও দলের সর্বোচ্চ স্কোরার তিনি। ২০ ওভার শেষে বাংলাদেশের সংগ্রহ দাঁড়ায় ৫ উইকেটে ১৬৩ রান। জবাবে ব্যাট করতে নেমে শুরুতেই চাপে পড়ে নিউজিল্যান্ড। দলীয় ৫১ রানের মধ্যে ৩ উইকেট হারায় কিউইরা। এরপর আর ঘুরে দাঁড়াতে পারেনি তারা। শেষ পর্যন্ত ১৮.৪ ওভারে ১৩৭ রানে অলআউট হয় নিউজিল্যান্ড। বাংলাদেশের পক্ষে ফিজ ২৭ রানে ৩ উইকেট নেন। নিউজিল্যান্ডের বিপক্ষে এটিই বাংলাদেশের সর্বোচ্চ ব্যবধানের জয়। পেয়েছেন তিনজন বোলার।

কেশবপুরে হাটে বিক্রি

শ্রমিক। অধিক দামে শ্রমিক কিনতে গিয়ে কৃষকেরা দিশেহারা হয়ে পড়ছেন। ১৪০০-১৬০০ টাকায় শ্রমিক কিনতে গিয়ে অনেক কৃষক আগামীতে ধানের আবাদ করবেন না বলে ক্ষোভ প্রকাশ করেছেন। যশোরের কেশবপুরের মূলগ্রামে মানুষ বিক্রির হাট ঘুরে এ তথ্য জানা গেছে। সরেজমিন সোমবার ভোরে উপজেলার মূলগ্রাম বাজারে মানুষ বিক্রির হাটে গেলে দেখা যায়, ভোর হওয়ার সঙ্গে সঙ্গে শত শত কৃষি শ্রমিক কাঁচি, বাখ-দড়ি নিয়ে বোরো ধানের ক্ষেতে শ্রম দেওয়ার উদ্দেশ্যে এসেছেন। বোরো মৌসুমে এসব শ্রমিকেরা ধান কাটা, বাধা, বাখে করে কৃষকের বাড়িতে পৌঁছে দেওয়া, ঝাড়াই করা, বিচালী গাদা দেওয়াসহ অন্যান্য কাজ করে থাকেন। শ্রম বিক্রি করতে আসা উপজেলার বিভিন্ন গ্রামের শ্রমিকেরা জানান, সকাল ৬টার মধ্যে হাটে এসে দরদাম করে কৃষকের সঙ্গে চলে যান। কৃষকেরা জানান, এক বিঘা জমির ধান কাটতে অন্তত তিনজন শ্রমিক প্রয়োজন। দীর্ঘ সময় ধরে শ্রমিক সংকট থাকায় আগের তুলনায় মজুরি অনেক বেড়েছে। উপজেলা কৃষি কর্মকর্তা বলেন, যান্ত্রিকীকরণ বাড়াতে কৃষকদের কম্বাইন হারভেস্টার ব্যবহারে উৎসাহিত করা হচ্ছে। টাকা দিয়ে শ্রমিক কিনে ধান কাটতে হচ্ছে বলে জানান কৃষকরা। কেশবপুর উপজেলায় এবার প্রায় ৩৫০ হেক্টর জমিতে বোরো আবাদ হয়েছে। কৃষকেরা আশা করছেন আবহাওয়া অনুকূলে থাকলে এ মৌসুমে ভালো ফলন পাবেন।
